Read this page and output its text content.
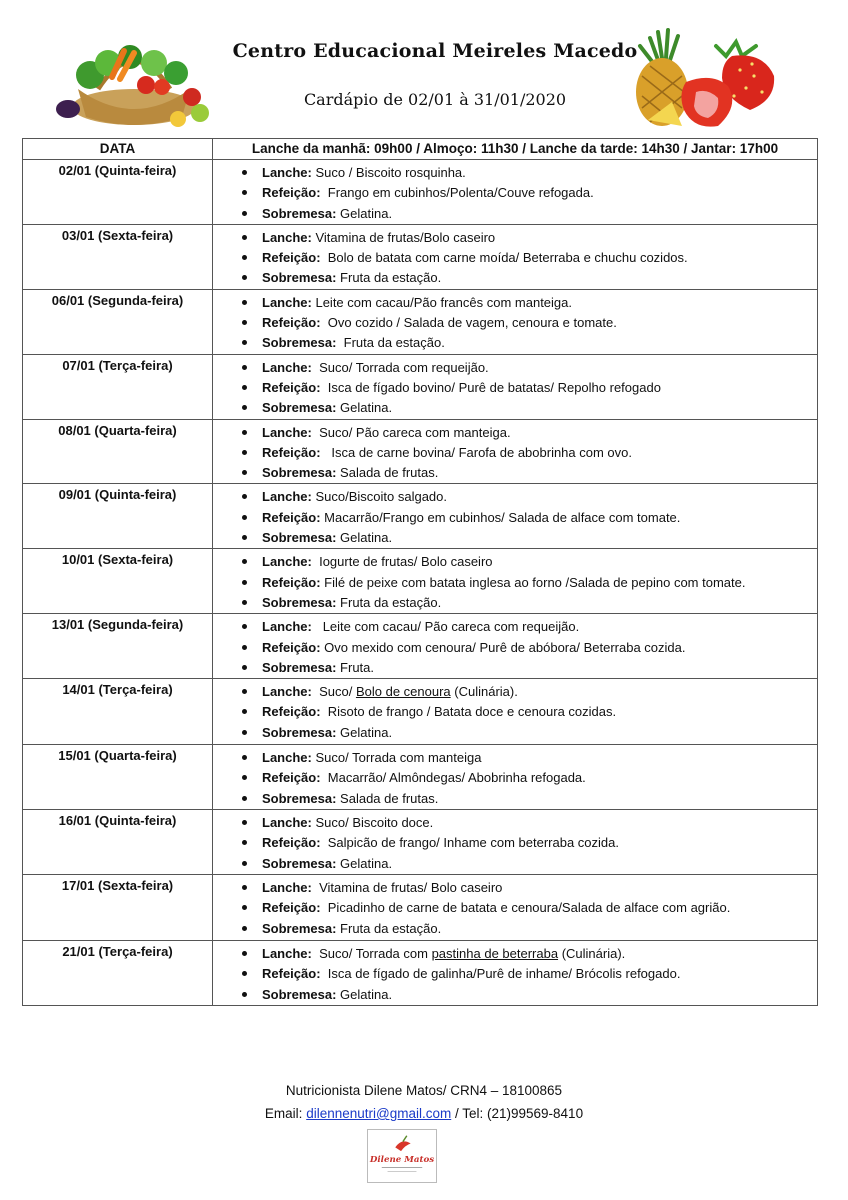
Centro Educacional Meireles Macedo
Cardápio de 02/01 à 31/01/2020
DATA	Lanche da manhã: 09h00 / Almoço: 11h30 / Lanche da tarde: 14h30 / Jantar: 17h00
02/01 (Quinta-feira)	Lanche: Suco / Biscoito rosquinha.
Refeição: Frango em cubinhos/Polenta/Couve refogada.
Sobremesa: Gelatina.

03/01 (Sexta-feira)	Lanche: Vitamina de frutas/Bolo caseiro
Refeição: Bolo de batata com carne moída/ Beterraba e chuchu cozidos.
Sobremesa: Fruta da estação.

06/01 (Segunda-feira)	Lanche: Leite com cacau/Pão francês com manteiga.
Refeição: Ovo cozido / Salada de vagem, cenoura e tomate.
Sobremesa: Fruta da estação.

07/01 (Terça-feira)	Lanche: Suco/ Torrada com requeijão.
Refeição: Isca de fígado bovino/ Purê de batatas/ Repolho refogado
Sobremesa: Gelatina.

08/01 (Quarta-feira)	Lanche: Suco/ Pão careca com manteiga.
Refeição: Isca de carne bovina/ Farofa de abobrinha com ovo.
Sobremesa: Salada de frutas.

09/01 (Quinta-feira)	Lanche: Suco/Biscoito salgado.
Refeição: Macarrão/Frango em cubinhos/ Salada de alface com tomate.
Sobremesa: Gelatina.

10/01 (Sexta-feira)	Lanche: Iogurte de frutas/ Bolo caseiro
Refeição: Filé de peixe com batata inglesa ao forno /Salada de pepino com tomate.
Sobremesa: Fruta da estação.

13/01 (Segunda-feira)	Lanche: Leite com cacau/ Pão careca com requeijão.
Refeição: Ovo mexido com cenoura/ Purê de abóbora/ Beterraba cozida.
Sobremesa: Fruta.

14/01 (Terça-feira)	Lanche: Suco/ Bolo de cenoura (Culinária).
Refeição: Risoto de frango / Batata doce e cenoura cozidas.
Sobremesa: Gelatina.

15/01 (Quarta-feira)	Lanche: Suco/ Torrada com manteiga
Refeição: Macarrão/ Almôndegas/ Abobrinha refogada.
Sobremesa: Salada de frutas.

16/01 (Quinta-feira)	Lanche: Suco/ Biscoito doce.
Refeição: Salpicão de frango/ Inhame com beterraba cozida.
Sobremesa: Gelatina.

17/01 (Sexta-feira)	Lanche: Vitamina de frutas/ Bolo caseiro
Refeição: Picadinho de carne de batata e cenoura/Salada de alface com agrião.
Sobremesa: Fruta da estação.

21/01 (Terça-feira)	Lanche: Suco/ Torrada com pastinha de beterraba (Culinária).
Refeição: Isca de fígado de galinha/Purê de inhame/ Brócolis refogado.
Sobremesa: Gelatina.
Nutricionista Dilene Matos/ CRN4 – 18100865
Email: dilennenutri@gmail.com / Tel: (21)99569-8410
Dilene Matos
